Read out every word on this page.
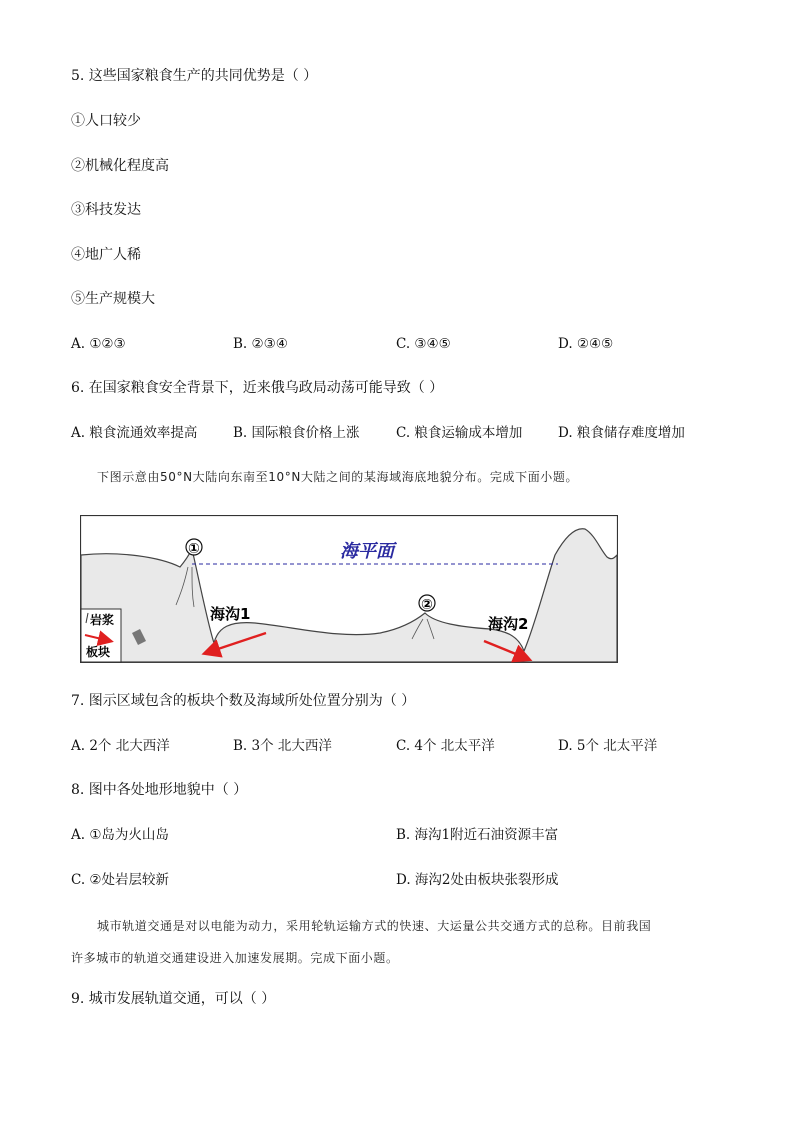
5. 这些国家粮食生产的共同优势是（ ）
①人口较少
②机械化程度高
③科技发达
④地广人稀
⑤生产规模大
A. ①②③	B. ②③④	C. ③④⑤	D. ②④⑤
6. 在国家粮食安全背景下，近来俄乌政局动荡可能导致（ ）
A. 粮食流通效率提高	B. 国际粮食价格上涨	C. 粮食运输成本增加	D. 粮食储存难度增加
下图示意由50°N大陆向东南至10°N大陆之间的某海域海底地貌分布。完成下面小题。
海平面
①
②
海沟1
海沟2
岩浆
板块
7. 图示区域包含的板块个数及海域所处位置分别为（ ）
A. 2个 北大西洋	B. 3个 北大西洋	C. 4个 北太平洋	D. 5个 北太平洋
8. 图中各处地形地貌中（ ）
A. ①岛为火山岛	B. 海沟1附近石油资源丰富
C. ②处岩层较新	D. 海沟2处由板块张裂形成
城市轨道交通是对以电能为动力，采用轮轨运输方式的快速、大运量公共交通方式的总称。目前我国
许多城市的轨道交通建设进入加速发展期。完成下面小题。
9. 城市发展轨道交通，可以（ ）
